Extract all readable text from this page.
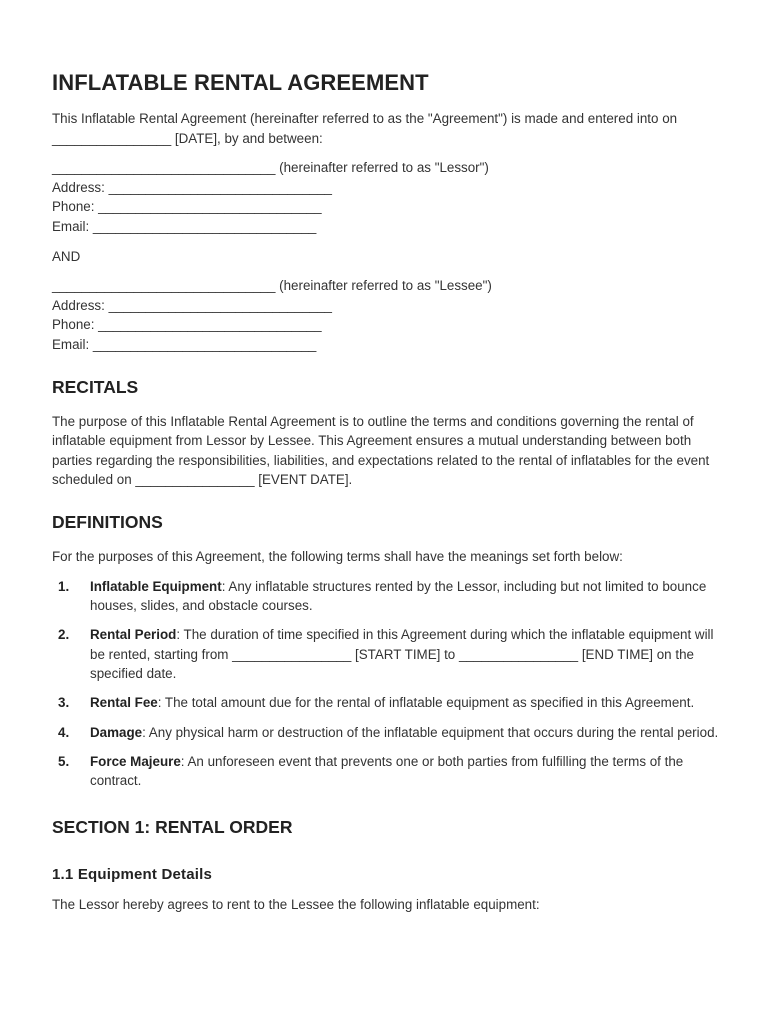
INFLATABLE RENTAL AGREEMENT

This Inflatable Rental Agreement (hereinafter referred to as the "Agreement") is made and entered into on ________________ [DATE], by and between:

______________________________ (hereinafter referred to as "Lessor")
Address: ______________________________
Phone: ______________________________
Email: ______________________________

AND

______________________________ (hereinafter referred to as "Lessee")
Address: ______________________________
Phone: ______________________________
Email: ______________________________
RECITALS

The purpose of this Inflatable Rental Agreement is to outline the terms and conditions governing the rental of inflatable equipment from Lessor by Lessee. This Agreement ensures a mutual understanding between both parties regarding the responsibilities, liabilities, and expectations related to the rental of inflatables for the event scheduled on ________________ [EVENT DATE].

DEFINITIONS

For the purposes of this Agreement, the following terms shall have the meanings set forth below:

1. Inflatable Equipment: Any inflatable structures rented by the Lessor, including but not limited to bounce houses, slides, and obstacle courses.
2. Rental Period: The duration of time specified in this Agreement during which the inflatable equipment will be rented, starting from ________________ [START TIME] to ________________ [END TIME] on the specified date.
3. Rental Fee: The total amount due for the rental of inflatable equipment as specified in this Agreement.
4. Damage: Any physical harm or destruction of the inflatable equipment that occurs during the rental period.
5. Force Majeure: An unforeseen event that prevents one or both parties from fulfilling the terms of the contract.
SECTION 1: RENTAL ORDER
1.1 Equipment Details

The Lessor hereby agrees to rent to the Lessee the following inflatable equipment:
